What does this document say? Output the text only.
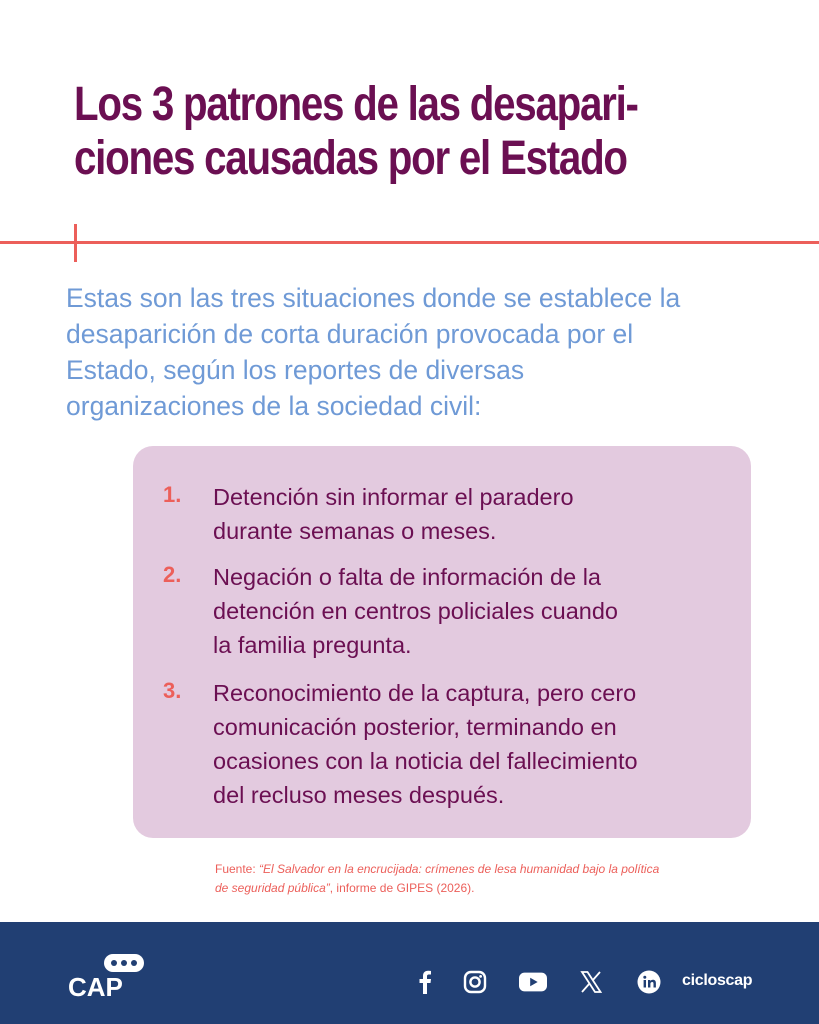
Los 3 patrones de las desapari-
ciones causadas por el Estado

Estas son las tres situaciones donde se establece la
desaparición de corta duración provocada por el
Estado, según los reportes de diversas
organizaciones de la sociedad civil:

1. Detención sin informar el paradero
durante semanas o meses.
2. Negación o falta de información de la
detención en centros policiales cuando
la familia pregunta.
3. Reconocimiento de la captura, pero cero
comunicación posterior, terminando en
ocasiones con la noticia del fallecimiento
del recluso meses después.
Fuente: “El Salvador en la encrucijada: crímenes de lesa humanidad bajo la política
de seguridad pública”, informe de GIPES (2026).
CAP	cicloscap
